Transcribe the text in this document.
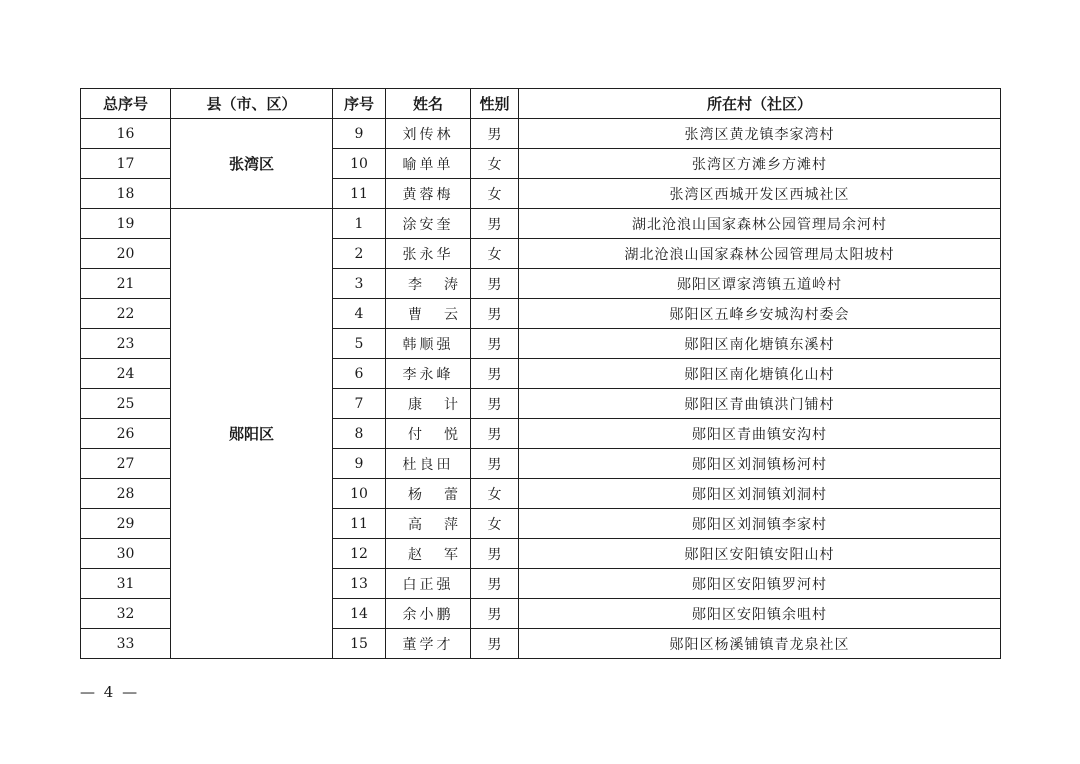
总序号	县（市、区）	序号	姓名	性别	所在村（社区）
16	张湾区	9	刘传林	男	张湾区黄龙镇李家湾村
17		10	喻单单	女	张湾区方滩乡方滩村
18		11	黄蓉梅	女	张湾区西城开发区西城社区
19	郧阳区	1	涂安奎	男	湖北沧浪山国家森林公园管理局余河村
20		2	张永华	女	湖北沧浪山国家森林公园管理局太阳坡村
21		3	李涛	男	郧阳区谭家湾镇五道岭村
22		4	曹云	男	郧阳区五峰乡安城沟村委会
23		5	韩顺强	男	郧阳区南化塘镇东溪村
24		6	李永峰	男	郧阳区南化塘镇化山村
25		7	康计	男	郧阳区青曲镇洪门铺村
26		8	付悦	男	郧阳区青曲镇安沟村
27		9	杜良田	男	郧阳区刘洞镇杨河村
28		10	杨蕾	女	郧阳区刘洞镇刘洞村
29		11	高萍	女	郧阳区刘洞镇李家村
30		12	赵军	男	郧阳区安阳镇安阳山村
31		13	白正强	男	郧阳区安阳镇罗河村
32		14	余小鹏	男	郧阳区安阳镇余咀村
33		15	董学才	男	郧阳区杨溪铺镇青龙泉社区
— 4 —
